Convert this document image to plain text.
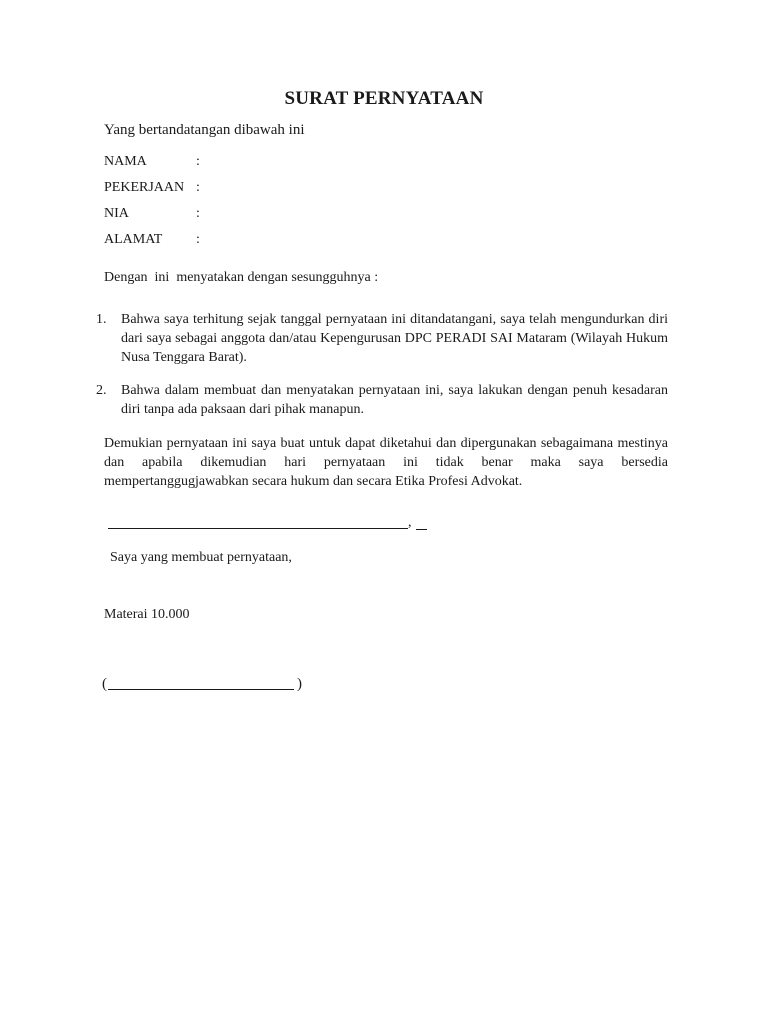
SURAT PERNYATAAN
Yang bertandatangan dibawah ini
NAMA	:
PEKERJAAN :
NIA	:
ALAMAT :
Dengan  ini  menyatakan dengan sesungguhnya :
1. Bahwa saya terhitung sejak tanggal pernyataan ini ditandatangani, saya telah mengundurkan diri dari saya sebagai anggota dan/atau Kepengurusan DPC PERADI SAI Mataram (Wilayah Hukum Nusa Tenggara Barat).
2. Bahwa dalam membuat dan menyatakan pernyataan ini, saya lakukan dengan penuh kesadaran diri tanpa ada paksaan dari pihak manapun.
Demukian pernyataan ini saya buat untuk dapat diketahui dan dipergunakan sebagaimana mestinya dan apabila dikemudian hari pernyataan ini tidak benar maka saya bersedia mempertanggugjawabkan secara hukum dan secara Etika Profesi Advokat.
,
Saya yang membuat pernyataan,
Materai 10.000
(	)
